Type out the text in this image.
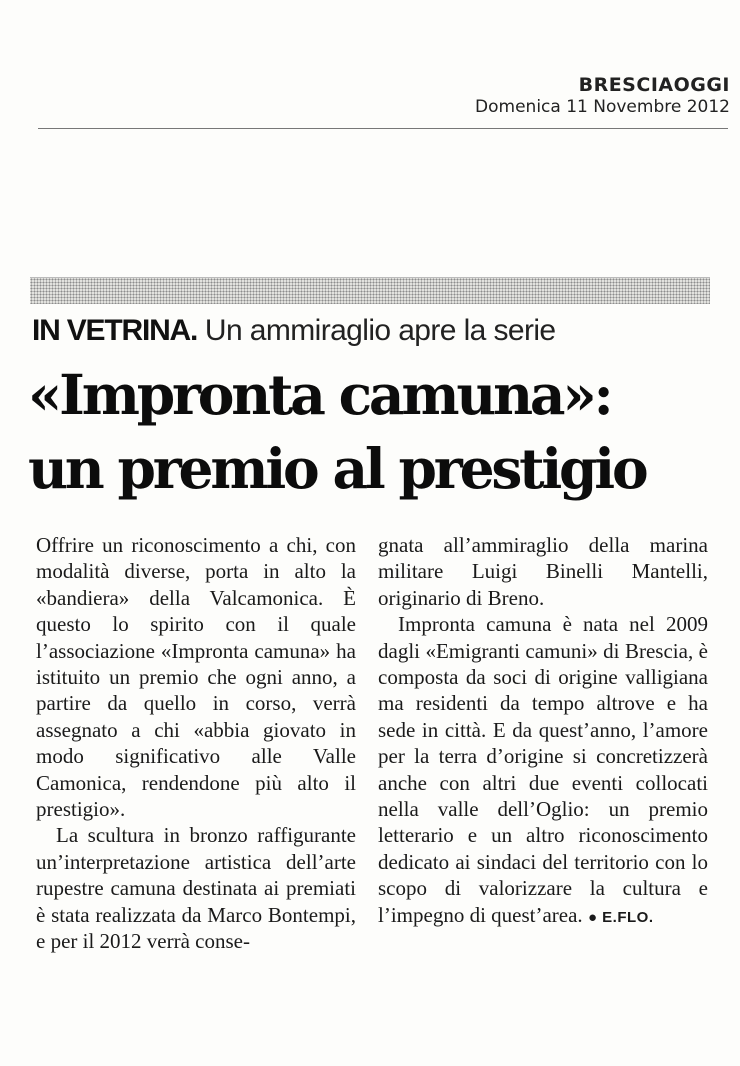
BRESCIAOGGI
Domenica 11 Novembre 2012
IN VETRINA. Un ammiraglio apre la serie
«Impronta camuna»:
un premio al prestigio

Offrire un riconoscimento a chi, con modalità diverse, porta in alto la «bandiera» della Valcamonica. È questo lo spirito con il quale l’associazione «Impronta camuna» ha istituito un premio che ogni anno, a partire da quello in corso, verrà assegnato a chi «abbia giovato in modo significativo alle Valle Camonica, rendendone più alto il prestigio».

La scultura in bronzo raffigurante un’interpretazione artistica dell’arte rupestre camuna destinata ai premiati è stata realizzata da Marco Bontempi, e per il 2012 verrà conse-

gnata all’ammiraglio della marina militare Luigi Binelli Mantelli, originario di Breno.

Impronta camuna è nata nel 2009 dagli «Emigranti camuni» di Brescia, è composta da soci di origine valligiana ma residenti da tempo altrove e ha sede in città. E da quest’anno, l’amore per la terra d’origine si concretizzerà anche con altri due eventi collocati nella valle dell’Oglio: un premio letterario e un altro riconoscimento dedicato ai sindaci del territorio con lo scopo di valorizzare la cultura e l’impegno di quest’area. ● E.FLO.
